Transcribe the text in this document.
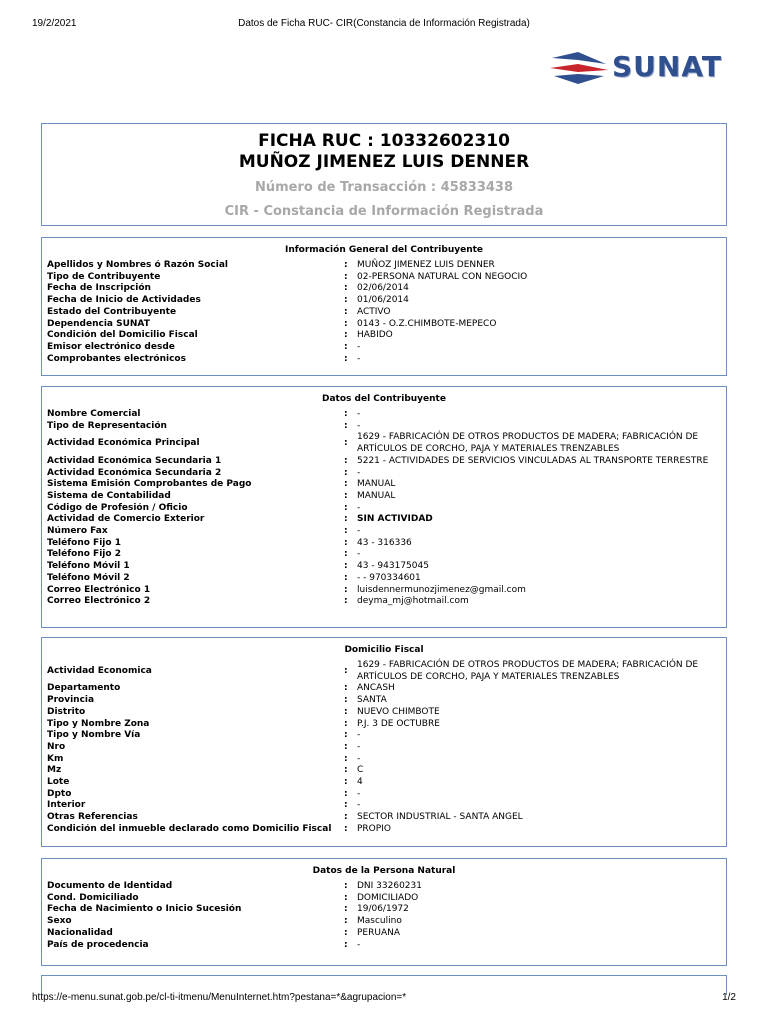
19/2/2021	Datos de Ficha RUC- CIR(Constancia de Información Registrada)
SUNAT
FICHA RUC : 10332602310
MUÑOZ JIMENEZ LUIS DENNER
Número de Transacción : 45833438
CIR - Constancia de Información Registrada
Información General del Contribuyente
Apellidos y Nombres ó Razón Social	:	MUÑOZ JIMENEZ LUIS DENNER
Tipo de Contribuyente	:	02-PERSONA NATURAL CON NEGOCIO
Fecha de Inscripción	:	02/06/2014
Fecha de Inicio de Actividades	:	01/06/2014
Estado del Contribuyente	:	ACTIVO
Dependencia SUNAT	:	0143 - O.Z.CHIMBOTE-MEPECO
Condición del Domicilio Fiscal	:	HABIDO
Emisor electrónico desde	:	-
Comprobantes electrónicos	:	-
Datos del Contribuyente
Nombre Comercial	:	-
Tipo de Representación	:	-
Actividad Económica Principal	:
1629 - FABRICACIÓN DE OTROS PRODUCTOS DE MADERA; FABRICACIÓN DE ARTÍCULOS DE CORCHO, PAJA Y MATERIALES TRENZABLES
Actividad Económica Secundaria 1	:	5221 - ACTIVIDADES DE SERVICIOS VINCULADAS AL TRANSPORTE TERRESTRE
Actividad Económica Secundaria 2	:	-
Sistema Emisión Comprobantes de Pago	:	MANUAL
Sistema de Contabilidad	:	MANUAL
Código de Profesión / Oficio	:	-
Actividad de Comercio Exterior	:	SIN ACTIVIDAD
Número Fax	:	-
Teléfono Fijo 1	:	43 - 316336
Teléfono Fijo 2	:	-
Teléfono Móvil 1	:	43 - 943175045
Teléfono Móvil 2	:	- - 970334601
Correo Electrónico 1	:	luisdennermunozjimenez@gmail.com
Correo Electrónico 2	:	deyma_mj@hotmail.com
Domicilio Fiscal
Actividad Economica	:
1629 - FABRICACIÓN DE OTROS PRODUCTOS DE MADERA; FABRICACIÓN DE ARTÍCULOS DE CORCHO, PAJA Y MATERIALES TRENZABLES
Departamento	:	ANCASH
Provincia	:	SANTA
Distrito	:	NUEVO CHIMBOTE
Tipo y Nombre Zona	:	P.J. 3 DE OCTUBRE
Tipo y Nombre Vía	:	-
Nro	:	-
Km	:	-
Mz	:	C
Lote	:	4
Dpto	:	-
Interior	:	-
Otras Referencias	:	SECTOR INDUSTRIAL - SANTA ANGEL
Condición del inmueble declarado como Domicilio Fiscal	:	PROPIO
Datos de la Persona Natural
Documento de Identidad	:	DNI 33260231
Cond. Domiciliado	:	DOMICILIADO
Fecha de Nacimiento o Inicio Sucesión	:	19/06/1972
Sexo	:	Masculino
Nacionalidad	:	PERUANA
País de procedencia	:	-
https://e-menu.sunat.gob.pe/cl-ti-itmenu/MenuInternet.htm?pestana=*&agrupacion=*	1/2
